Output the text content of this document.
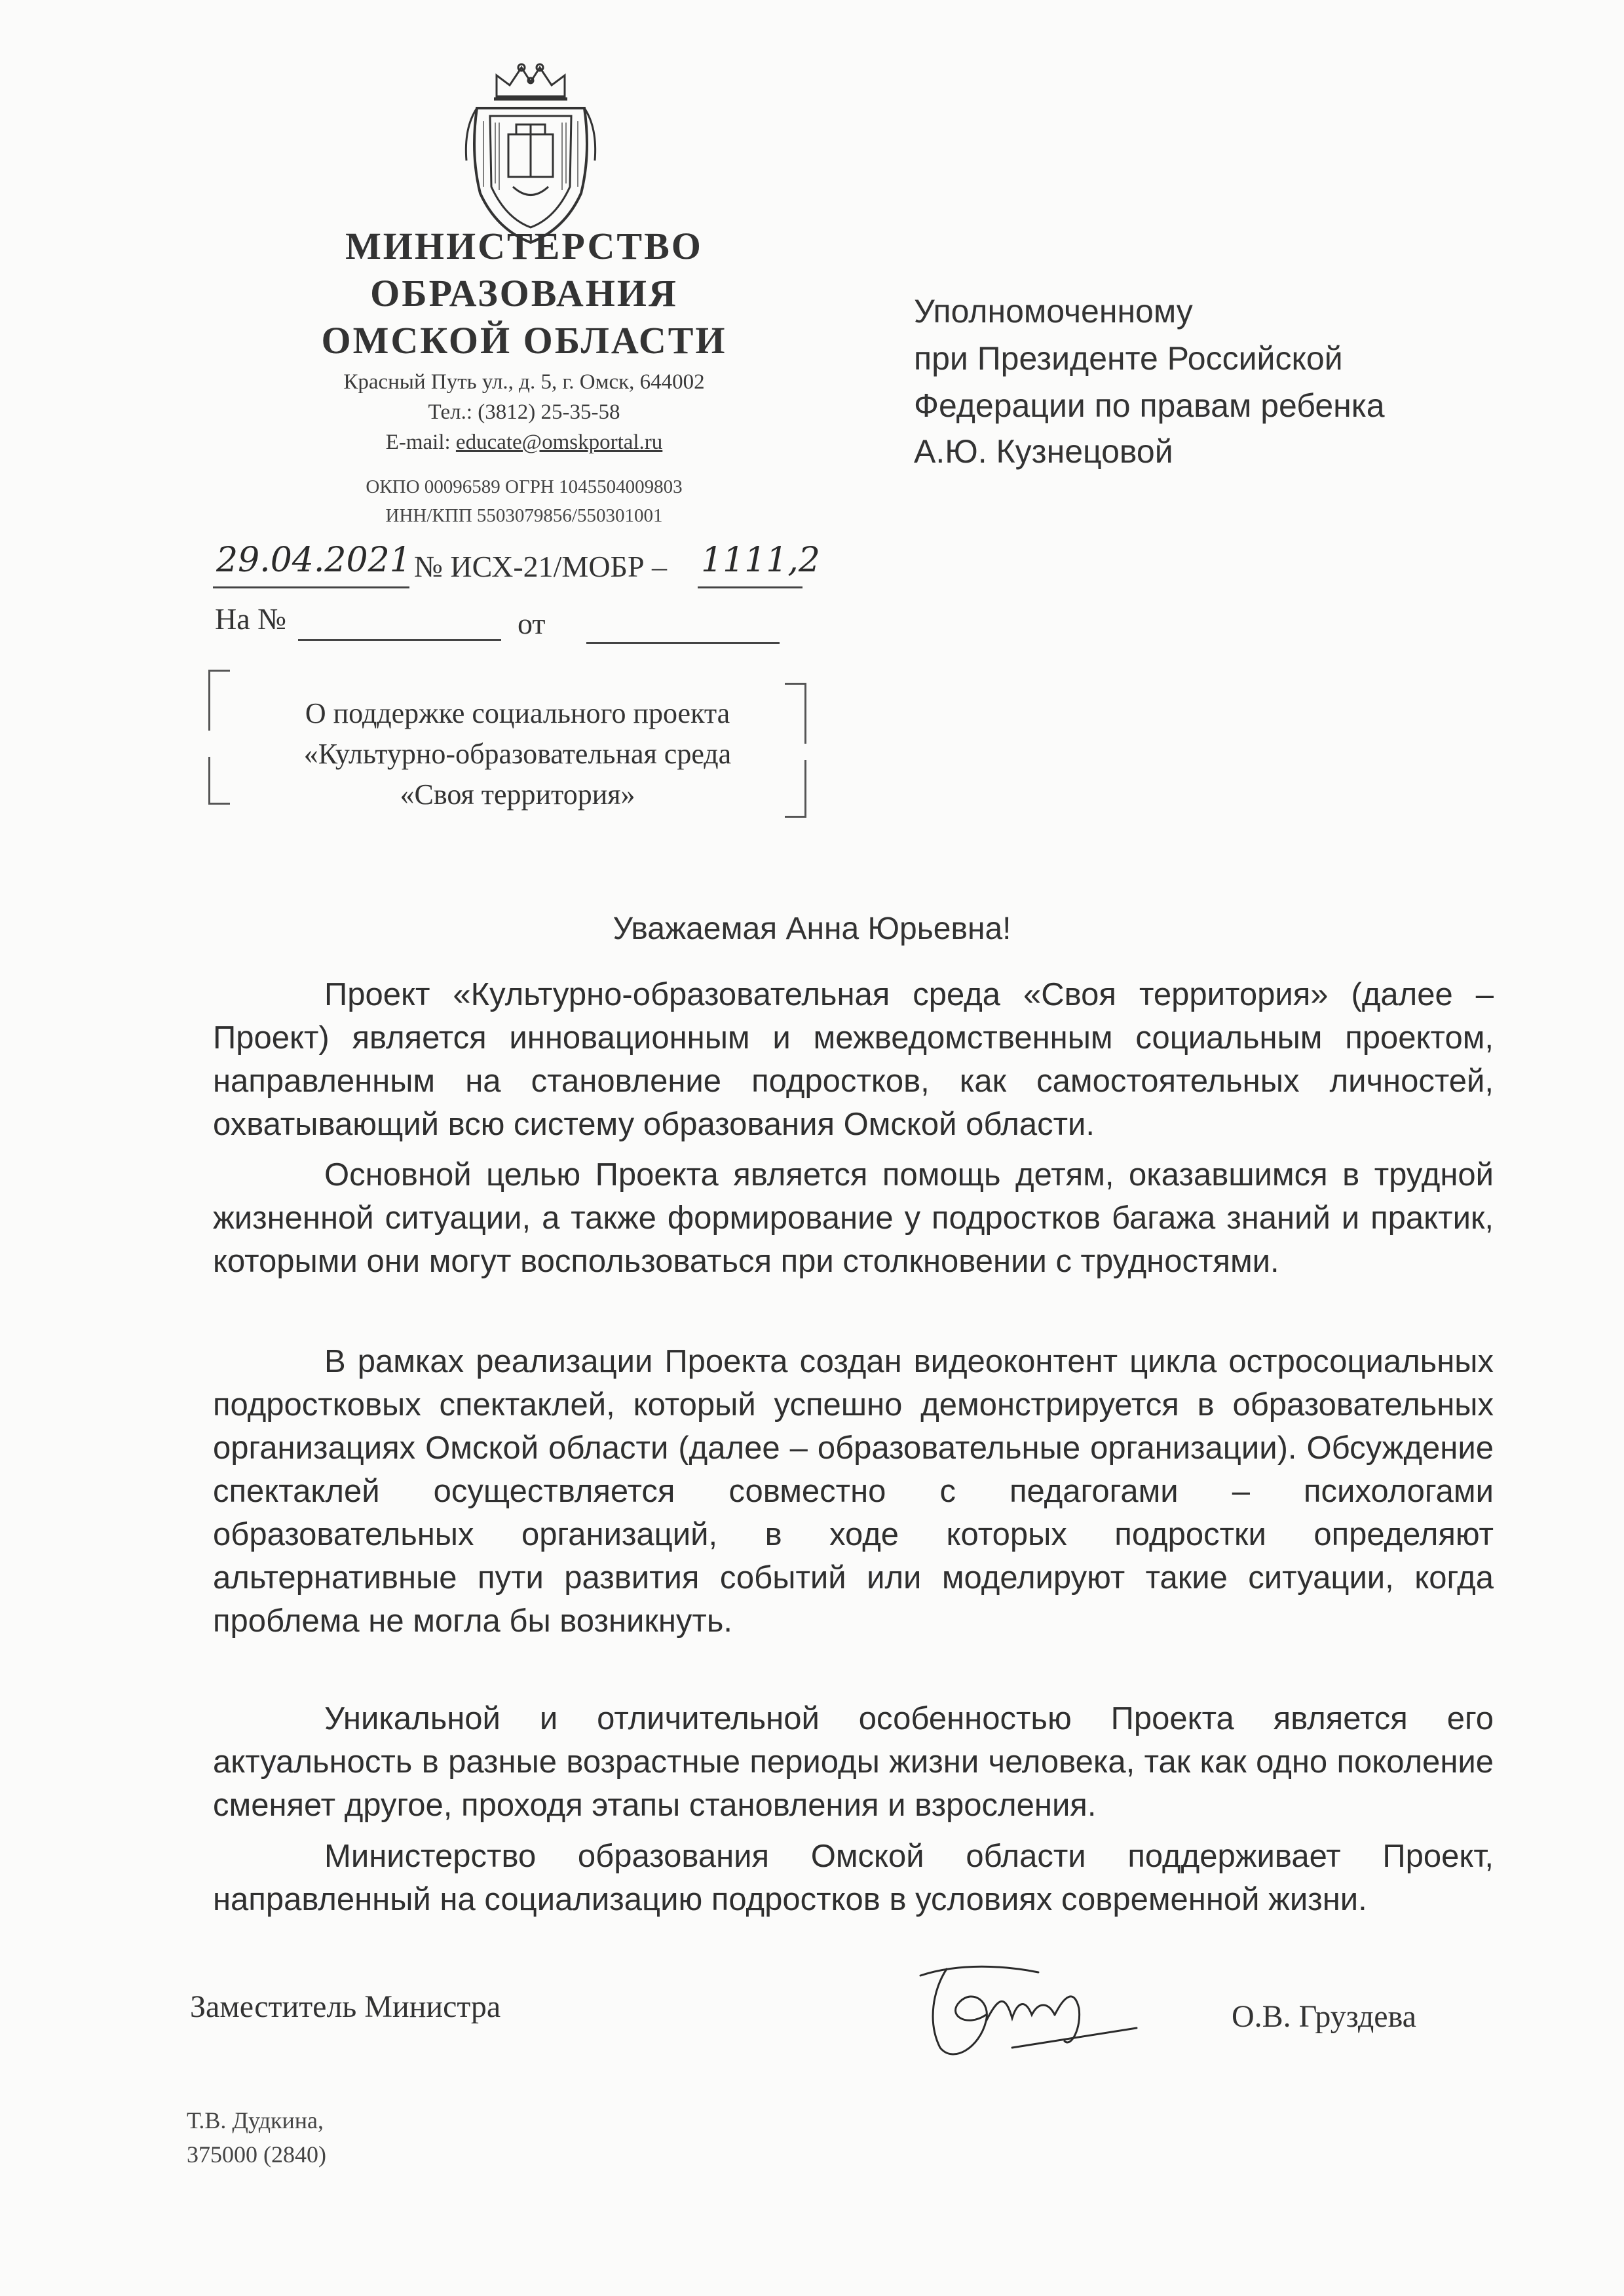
МИНИСТЕРСТВО
ОБРАЗОВАНИЯ
ОМСКОЙ ОБЛАСТИ
Красный Путь ул., д. 5, г. Омск, 644002
Тел.: (3812) 25-35-58
E-mail: educate@omskportal.ru
ОКПО 00096589 ОГРН 1045504009803
ИНН/КПП 5503079856/550301001
29.04.2021 № ИСХ-21/МОБР – 1111,2
На №	от
О поддержке социального проекта
«Культурно-образовательная среда
«Своя территория»
Уполномоченному
при Президенте Российской
Федерации по правам ребенка
А.Ю. Кузнецовой
Уважаемая Анна Юрьевна!
Проект «Культурно-образовательная среда «Своя территория» (далее – Проект) является инновационным и межведомственным социальным проектом, направленным на становление подростков, как самостоятельных личностей, охватывающий всю систему образования Омской области.
Основной целью Проекта является помощь детям, оказавшимся в трудной жизненной ситуации, а также формирование у подростков багажа знаний и практик, которыми они могут воспользоваться при столкновении с трудностями.
В рамках реализации Проекта создан видеоконтент цикла остросоциальных подростковых спектаклей, который успешно демонстрируется в образовательных организациях Омской области (далее – образовательные организации). Обсуждение спектаклей осуществляется совместно с педагогами – психологами образовательных организаций, в ходе которых подростки определяют альтернативные пути развития событий или моделируют такие ситуации, когда проблема не могла бы возникнуть.
Уникальной и отличительной особенностью Проекта является его актуальность в разные возрастные периоды жизни человека, так как одно поколение сменяет другое, проходя этапы становления и взросления.
Министерство образования Омской области поддерживает Проект, направленный на социализацию подростков в условиях современной жизни.
Заместитель Министра	О.В. Груздева
Т.В. Дудкина,
375000 (2840)
